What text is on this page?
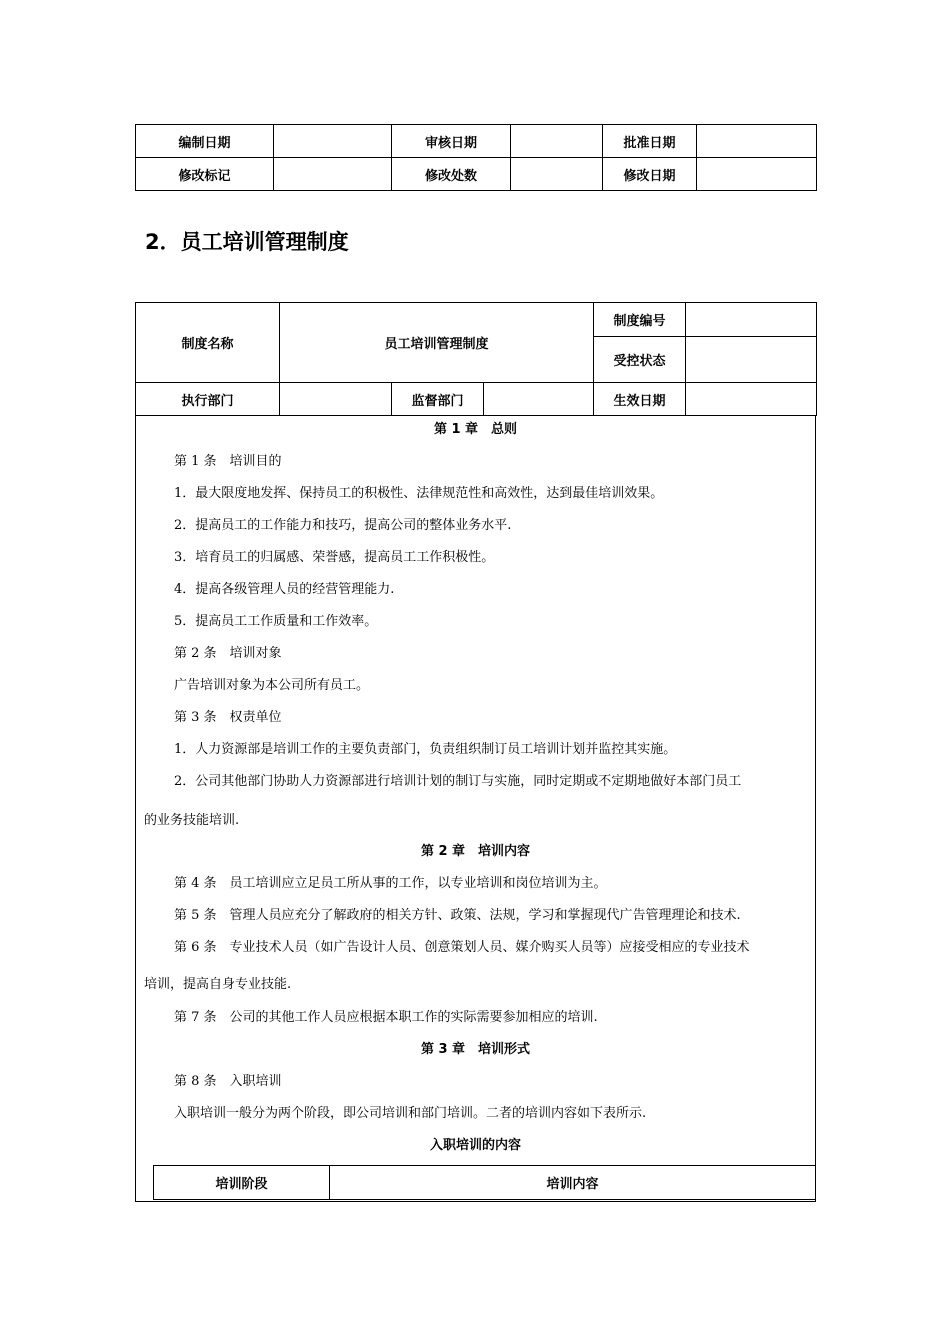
编制日期		审核日期		批准日期	
修改标记		修改处数		修改日期	
2．员工培训管理制度
制度名称	员工培训管理制度			制度编号	
				受控状态	
执行部门		监督部门		生效日期	
第 1 章　总则
第 1 条　培训目的
1．最大限度地发挥、保持员工的积极性、法律规范性和高效性，达到最佳培训效果。
2．提高员工的工作能力和技巧，提高公司的整体业务水平.
3．培育员工的归属感、荣誉感，提高员工工作积极性。
4．提高各级管理人员的经营管理能力.
5．提高员工工作质量和工作效率。
第 2 条　培训对象
广告培训对象为本公司所有员工。
第 3 条　权责单位
1．人力资源部是培训工作的主要负责部门，负责组织制订员工培训计划并监控其实施。
2．公司其他部门协助人力资源部进行培训计划的制订与实施，同时定期或不定期地做好本部门员工
的业务技能培训.
第 2 章　培训内容
第 4 条　员工培训应立足员工所从事的工作，以专业培训和岗位培训为主。
第 5 条　管理人员应充分了解政府的相关方针、政策、法规，学习和掌握现代广告管理理论和技术.
第 6 条　专业技术人员（如广告设计人员、创意策划人员、媒介购买人员等）应接受相应的专业技术
培训，提高自身专业技能.
第 7 条　公司的其他工作人员应根据本职工作的实际需要参加相应的培训.
第 3 章　培训形式
第 8 条　入职培训
入职培训一般分为两个阶段，即公司培训和部门培训。二者的培训内容如下表所示.
入职培训的内容
培训阶段	培训内容
